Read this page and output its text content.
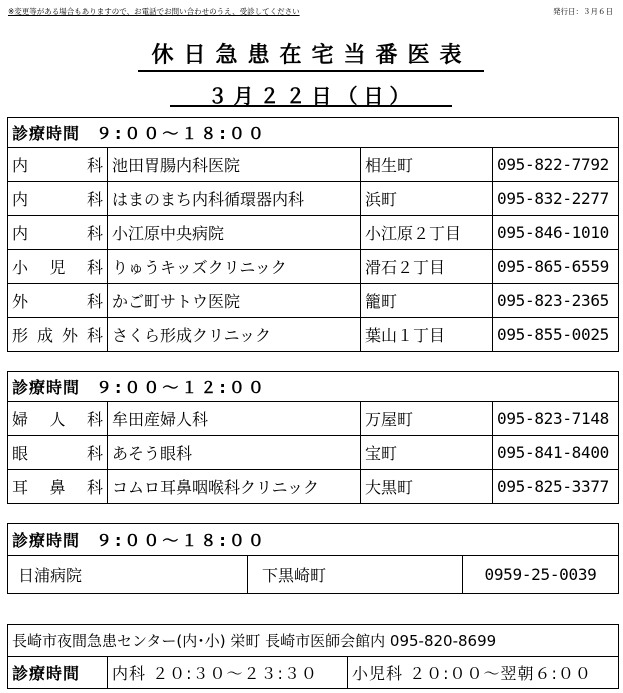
※変更等がある場合もありますので、お電話でお問い合わせのうえ、受診してください	発行日：３月６日
休日急患在宅当番医表
３月２２日（日）
診療時間 ９:００〜１８:００			
内科	池田胃腸内科医院	相生町	095-822-7792
内科	はまのまち内科循環器内科	浜町	095-832-2277
内科	小江原中央病院	小江原２丁目	095-846-1010
小児科	りゅうキッズクリニック	滑石２丁目	095-865-6559
外科	かご町サトウ医院	籠町	095-823-2365
形成外科	さくら形成クリニック	葉山１丁目	095-855-0025
診療時間 ９:００〜１２:００			
婦人科	牟田産婦人科	万屋町	095-823-7148
眼科	あそう眼科	宝町	095-841-8400
耳鼻科	コムロ耳鼻咽喉科クリニック	大黒町	095-825-3377
診療時間 ９:００〜１８:００
日浦病院	下黒崎町	0959-25-0039
長崎市夜間急患センター(内･小) 栄町 長崎市医師会館内 095-820-8699
診療時間	内科 ２０:３０〜２３:３０	小児科 ２０:００〜翌朝６:００
